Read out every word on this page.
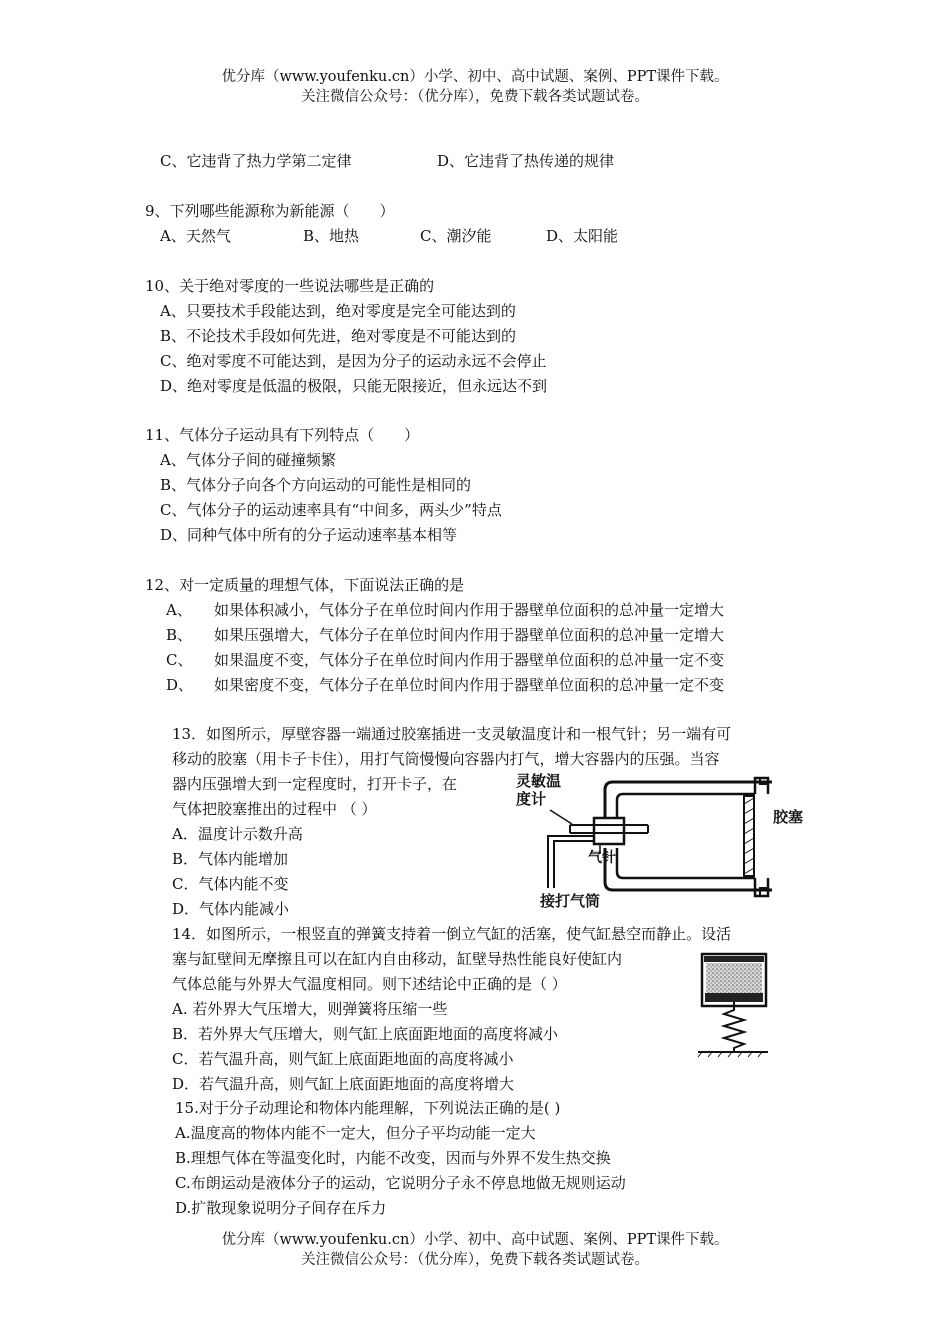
优分库（www.youfenku.cn）小学、初中、高中试题、案例、PPT课件下载。
关注微信公众号：（优分库），免费下载各类试题试卷。
C、它违背了热力学第二定律	D、它违背了热传递的规律
9、下列哪些能源称为新能源（　　）
A、天然气	B、地热	C、潮汐能	D、太阳能
10、关于绝对零度的一些说法哪些是正确的
A、只要技术手段能达到，绝对零度是完全可能达到的
B、不论技术手段如何先进，绝对零度是不可能达到的
C、绝对零度不可能达到，是因为分子的运动永远不会停止
D、绝对零度是低温的极限，只能无限接近，但永远达不到
11、气体分子运动具有下列特点（　　）
A、气体分子间的碰撞频繁
B、气体分子向各个方向运动的可能性是相同的
C、气体分子的运动速率具有“中间多，两头少”特点
D、同种气体中所有的分子运动速率基本相等
12、对一定质量的理想气体，下面说法正确的是
A、 如果体积减小，气体分子在单位时间内作用于器壁单位面积的总冲量一定增大
B、 如果压强增大，气体分子在单位时间内作用于器壁单位面积的总冲量一定增大
C、 如果温度不变，气体分子在单位时间内作用于器壁单位面积的总冲量一定不变
D、 如果密度不变，气体分子在单位时间内作用于器壁单位面积的总冲量一定不变
13．如图所示，厚壁容器一端通过胶塞插进一支灵敏温度计和一根气针；另一端有可
移动的胶塞（用卡子卡住），用打气筒慢慢向容器内打气，增大容器内的压强。当容
器内压强增大到一定程度时，打开卡子，在
气体把胶塞推出的过程中 （ ）
A．温度计示数升高
B．气体内能增加
C．气体内能不变
D．气体内能减小
灵敏温
度计
胶塞
气针
接打气筒
14．如图所示，一根竖直的弹簧支持着一倒立气缸的活塞，使气缸悬空而静止。设活
塞与缸壁间无摩擦且可以在缸内自由移动，缸壁导热性能良好使缸内
气体总能与外界大气温度相同。则下述结论中正确的是（ ）
A. 若外界大气压增大，则弹簧将压缩一些
B．若外界大气压增大，则气缸上底面距地面的高度将减小
C．若气温升高，则气缸上底面距地面的高度将减小
D．若气温升高，则气缸上底面距地面的高度将增大
15.对于分子动理论和物体内能理解，下列说法正确的是( )
A.温度高的物体内能不一定大，但分子平均动能一定大
B.理想气体在等温变化时，内能不改变，因而与外界不发生热交换
C.布朗运动是液体分子的运动，它说明分子永不停息地做无规则运动
D.扩散现象说明分子间存在斥力
优分库（www.youfenku.cn）小学、初中、高中试题、案例、PPT课件下载。
关注微信公众号：（优分库），免费下载各类试题试卷。
